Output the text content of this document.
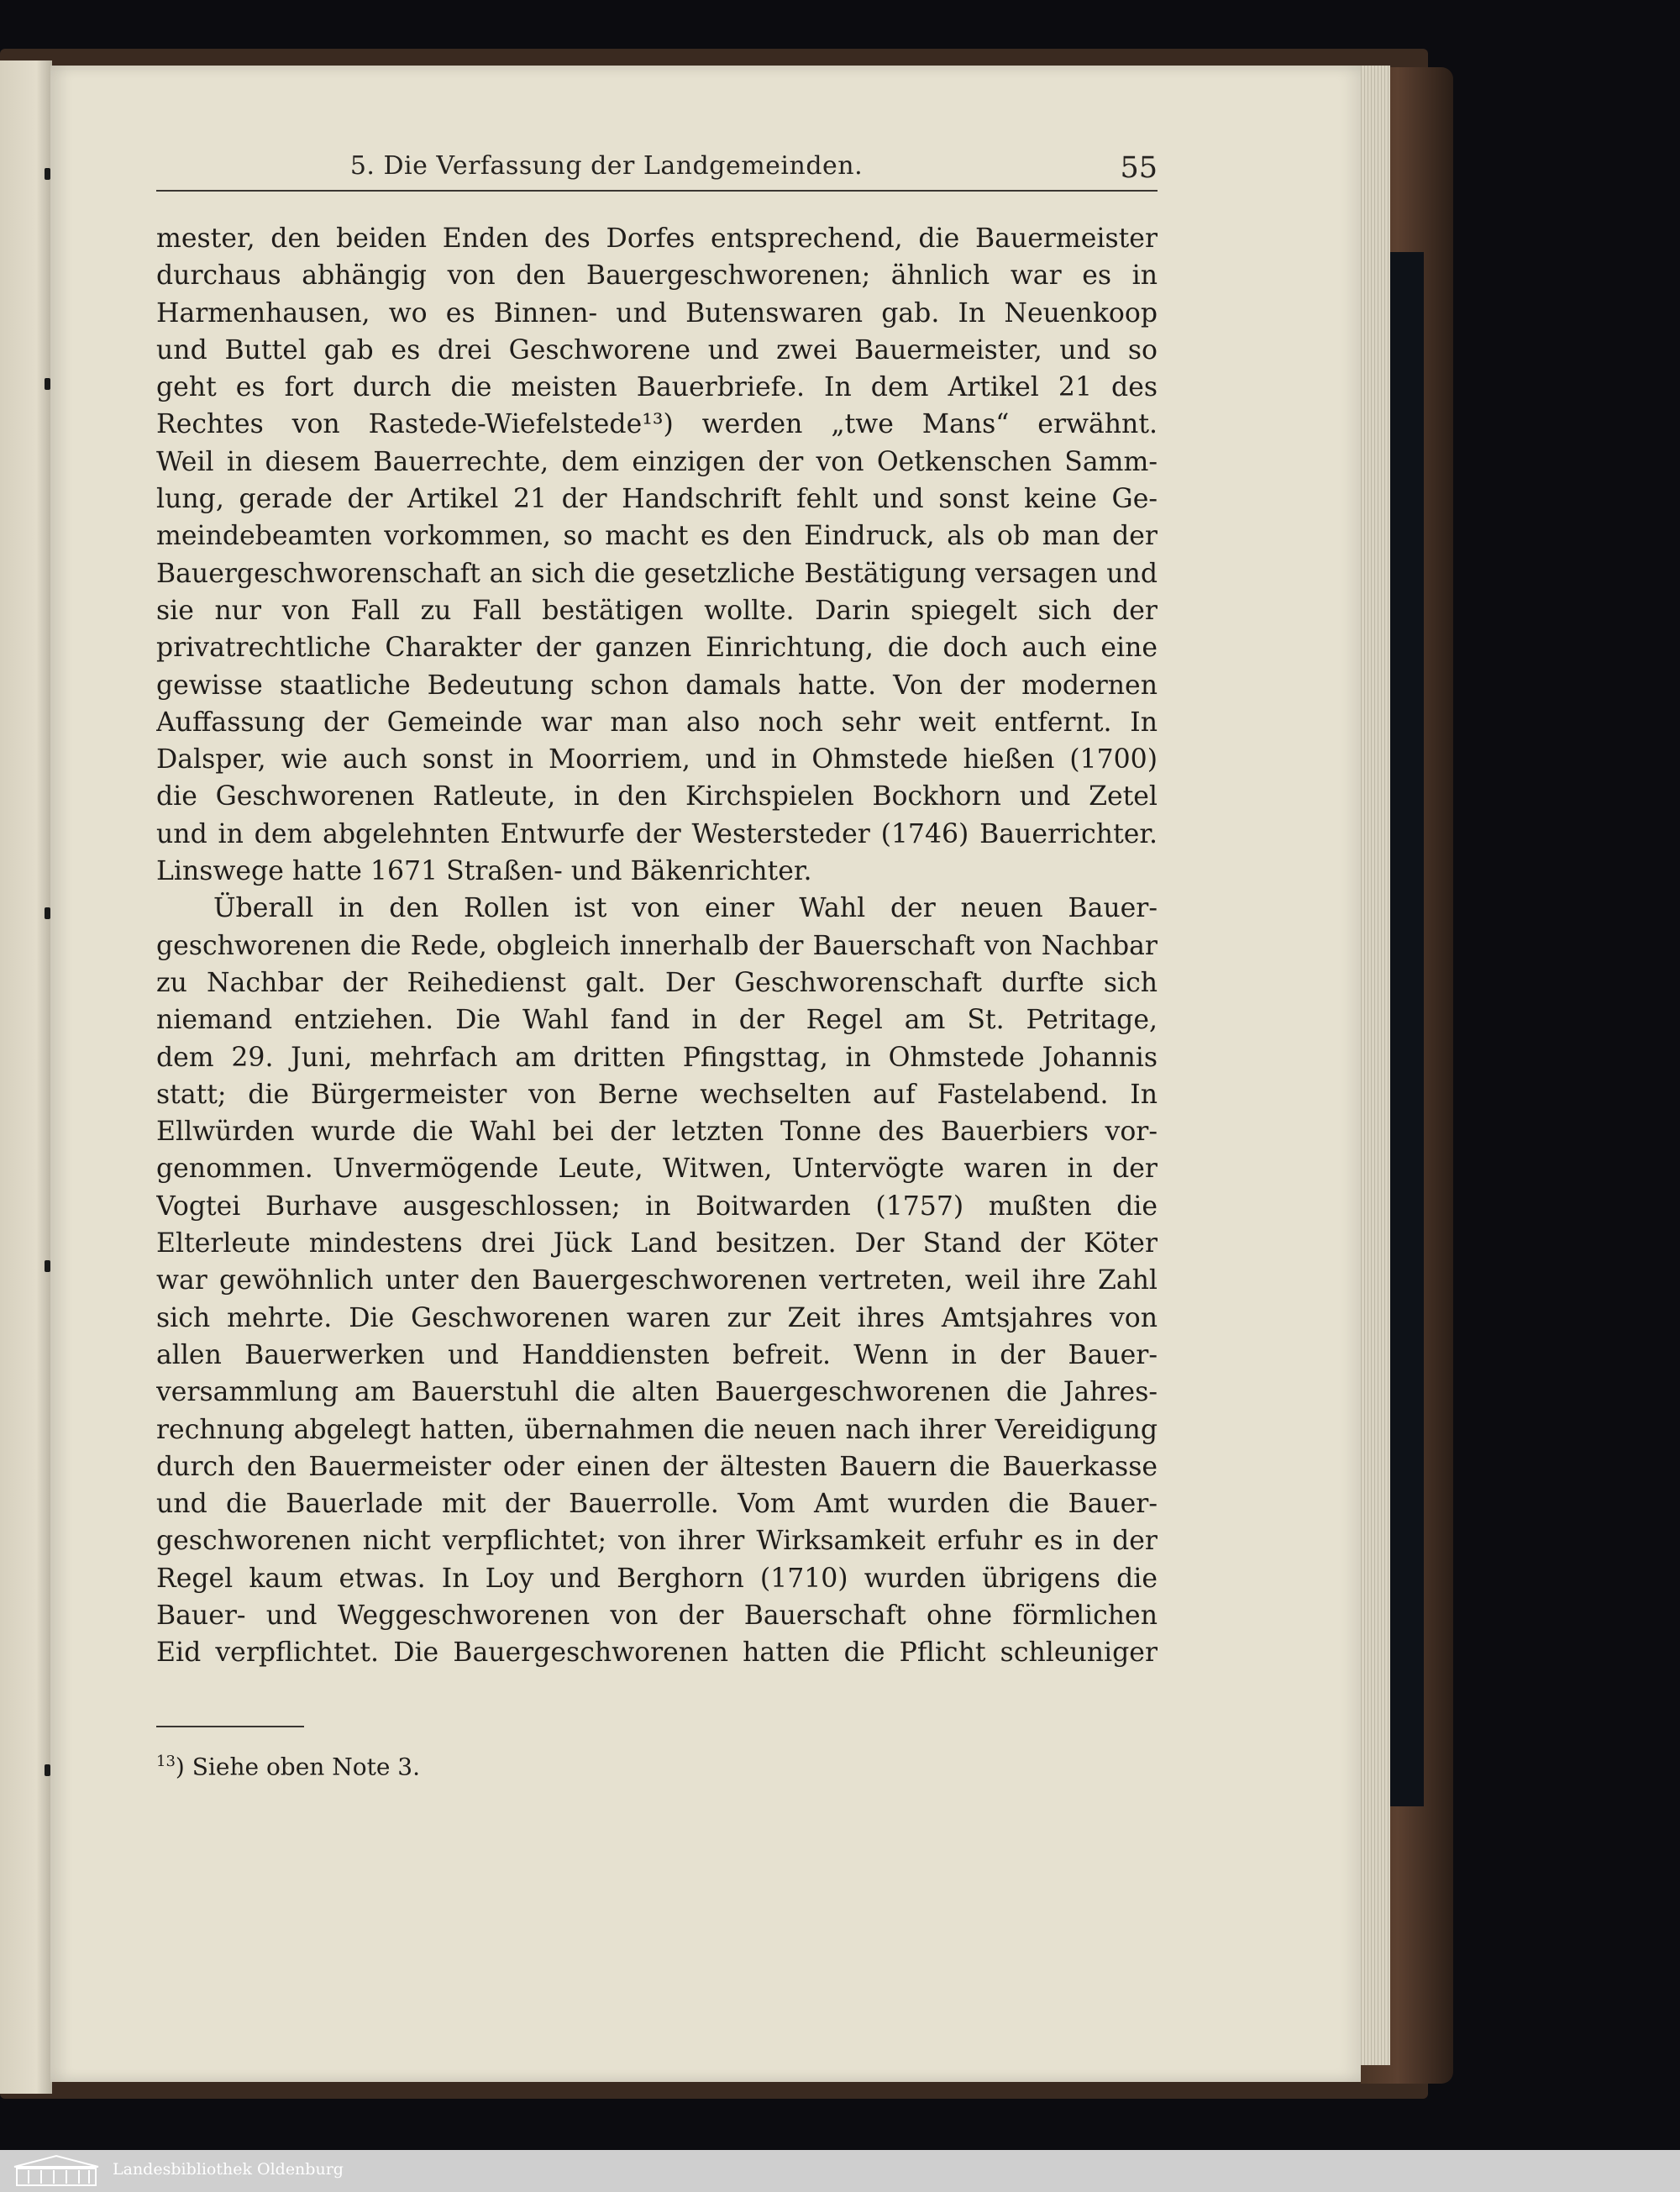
5. Die Verfassung der Landgemeinden.	55
mester, den beiden Enden des Dorfes entsprechend, die Bauermeister
durchaus abhängig von den Bauergeschworenen; ähnlich war es in
Harmenhausen, wo es Binnen- und Butenswaren gab. In Neuenkoop
und Buttel gab es drei Geschworene und zwei Bauermeister, und so
geht es fort durch die meisten Bauerbriefe. In dem Artikel 21 des
Rechtes von Rastede-Wiefelstede¹³) werden „twe Mans“ erwähnt.
Weil in diesem Bauerrechte, dem einzigen der von Oetkenschen Samm-
lung, gerade der Artikel 21 der Handschrift fehlt und sonst keine Ge-
meindebeamten vorkommen, so macht es den Eindruck, als ob man der
Bauergeschworenschaft an sich die gesetzliche Bestätigung versagen und
sie nur von Fall zu Fall bestätigen wollte. Darin spiegelt sich der
privatrechtliche Charakter der ganzen Einrichtung, die doch auch eine
gewisse staatliche Bedeutung schon damals hatte. Von der modernen
Auffassung der Gemeinde war man also noch sehr weit entfernt. In
Dalsper, wie auch sonst in Moorriem, und in Ohmstede hießen (1700)
die Geschworenen Ratleute, in den Kirchspielen Bockhorn und Zetel
und in dem abgelehnten Entwurfe der Westersteder (1746) Bauerrichter.
Linswege hatte 1671 Straßen- und Bäkenrichter.
Überall in den Rollen ist von einer Wahl der neuen Bauer-
geschworenen die Rede, obgleich innerhalb der Bauerschaft von Nachbar
zu Nachbar der Reihedienst galt. Der Geschworenschaft durfte sich
niemand entziehen. Die Wahl fand in der Regel am St. Petritage,
dem 29. Juni, mehrfach am dritten Pfingsttag, in Ohmstede Johannis
statt; die Bürgermeister von Berne wechselten auf Fastelabend. In
Ellwürden wurde die Wahl bei der letzten Tonne des Bauerbiers vor-
genommen. Unvermögende Leute, Witwen, Untervögte waren in der
Vogtei Burhave ausgeschlossen; in Boitwarden (1757) mußten die
Elterleute mindestens drei Jück Land besitzen. Der Stand der Köter
war gewöhnlich unter den Bauergeschworenen vertreten, weil ihre Zahl
sich mehrte. Die Geschworenen waren zur Zeit ihres Amtsjahres von
allen Bauerwerken und Handdiensten befreit. Wenn in der Bauer-
versammlung am Bauerstuhl die alten Bauergeschworenen die Jahres-
rechnung abgelegt hatten, übernahmen die neuen nach ihrer Vereidigung
durch den Bauermeister oder einen der ältesten Bauern die Bauerkasse
und die Bauerlade mit der Bauerrolle. Vom Amt wurden die Bauer-
geschworenen nicht verpflichtet; von ihrer Wirksamkeit erfuhr es in der
Regel kaum etwas. In Loy und Berghorn (1710) wurden übrigens die
Bauer- und Weggeschworenen von der Bauerschaft ohne förmlichen
Eid verpflichtet. Die Bauergeschworenen hatten die Pflicht schleuniger
$^{13}$) Siehe oben Note 3.
Landesbibliothek Oldenburg
